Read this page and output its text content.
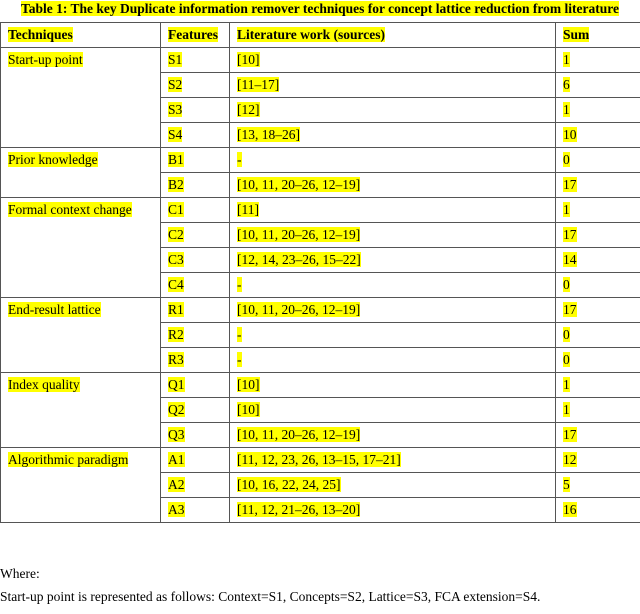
Table 1: The key Duplicate information remover techniques for concept lattice reduction from literature
Techniques	Features	Literature work (sources)	Sum
Start-up point	S1	[10]	1
	S2	[11–17]	6
	S3	[12]	1
	S4	[13, 18–26]	10
Prior knowledge	B1	-	0
	B2	[10, 11, 20–26, 12–19]	17
Formal context change	C1	[11]	1
	C2	[10, 11, 20–26, 12–19]	17
	C3	[12, 14, 23–26, 15–22]	14
	C4	-	0
End-result lattice	R1	[10, 11, 20–26, 12–19]	17
	R2	-	0
	R3	-	0
Index quality	Q1	[10]	1
	Q2	[10]	1
	Q3	[10, 11, 20–26, 12–19]	17
Algorithmic paradigm	A1	[11, 12, 23, 26, 13–15, 17–21]	12
	A2	[10, 16, 22, 24, 25]	5
	A3	[11, 12, 21–26, 13–20]	16
Where:
Start-up point is represented as follows: Context=S1, Concepts=S2, Lattice=S3, FCA extension=S4.
